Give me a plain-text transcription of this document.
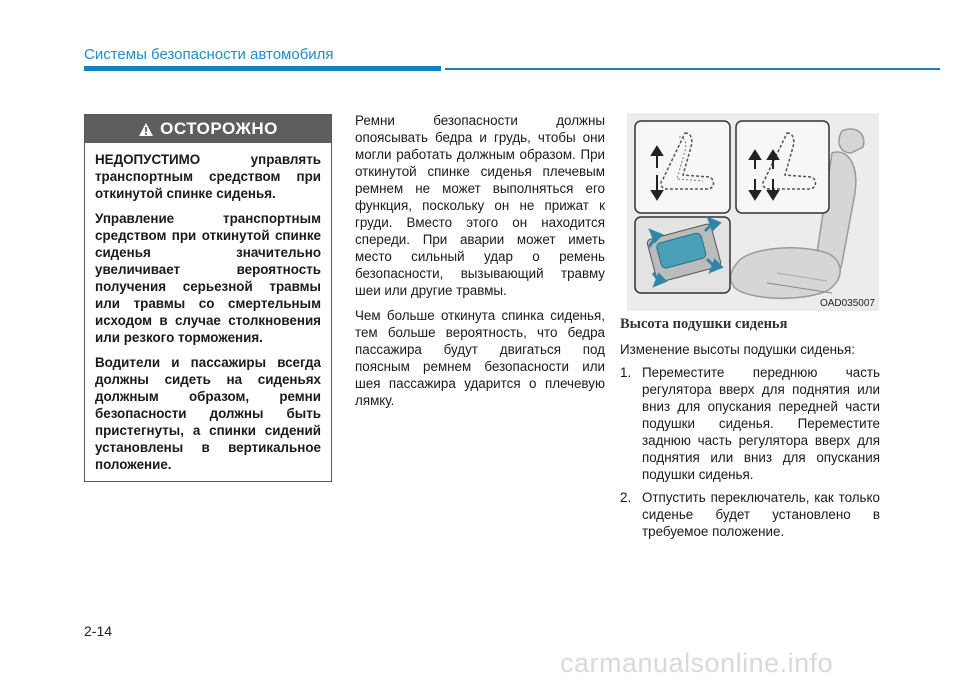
Системы безопасности автомобиля
ОСТОРОЖНО

НЕДОПУСТИМО управлять транспортным средством при откинутой спинке сиденья.

Управление транспортным средством при откинутой спинке сиденья значительно увеличивает вероятность получения серьезной травмы или травмы со смертельным исходом в случае столкновения или резкого торможения.

Водители и пассажиры всегда должны сидеть на сиденьях должным образом, ремни безопасности должны быть пристегнуты, а спинки сидений установлены в вертикальное положение.

Ремни безопасности должны опоясывать бедра и грудь, чтобы они могли работать должным образом. При откинутой спинке сиденья плечевым ремнем не может выполняться его функция, поскольку он не прижат к груди. Вместо этого он находится спереди. При аварии может иметь место сильный удар о ремень безопасности, вызывающий травму шеи или другие травмы.

Чем больше откинута спинка сиденья, тем больше вероятность, что бедра пассажира будут двигаться под поясным ремнем безопасности или шея пассажира ударится о плечевую лямку.

OAD035007
Высота подушки сиденья

Изменение высоты подушки сиденья:

1. Переместите переднюю часть регулятора вверх для поднятия или вниз для опускания передней части подушки сиденья. Переместите заднюю часть регулятора вверх для поднятия или вниз для опускания подушки сиденья.
2. Отпустить переключатель, как только сиденье будет установлено в требуемое положение.
2-14
carmanualsonline.info
